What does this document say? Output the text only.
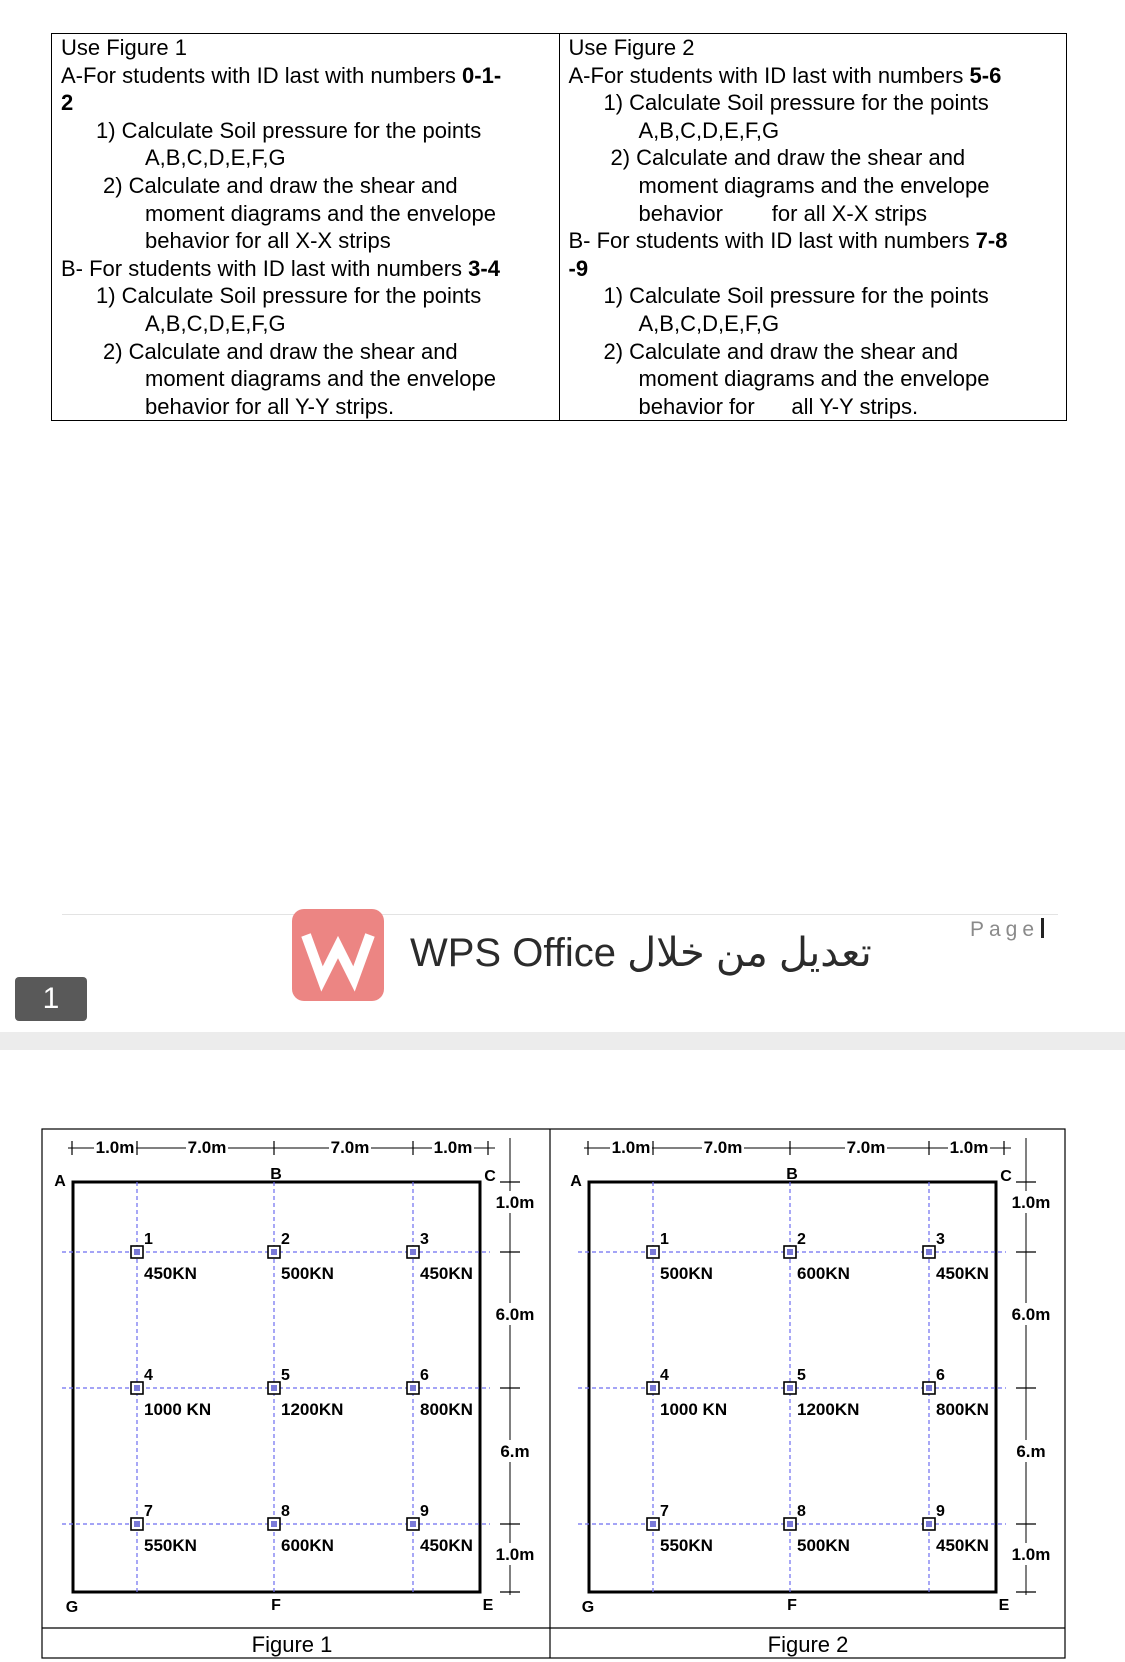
Use Figure 1
A-For students with ID last with numbers 0-1-
2
1) Calculate Soil pressure for the points
A,B,C,D,E,F,G
2) Calculate and draw the shear and
moment diagrams and the envelope
behavior for all X-X strips
B- For students with ID last with numbers 3-4
1) Calculate Soil pressure for the points
A,B,C,D,E,F,G
2) Calculate and draw the shear and
moment diagrams and the envelope
behavior for all Y-Y strips.

Use Figure 2
A-For students with ID last with numbers 5-6
1) Calculate Soil pressure for the points
A,B,C,D,E,F,G
2) Calculate and draw the shear and
moment diagrams and the envelope
behavior        for all X-X strips
B- For students with ID last with numbers 7-8
-9
1) Calculate Soil pressure for the points
A,B,C,D,E,F,G
2) Calculate and draw the shear and
moment diagrams and the envelope
behavior for      all Y-Y strips.
WPS Office تعديل من خلال
Page
1
1.0m	7.0m	7.0m	1.0m
1.0m
6.0m
6.m
1.0m
A	B	C
G	F	E
1
450KN
2
500KN
3
450KN
4
1000 KN
5
1200KN
6
800KN
7
550KN
8
600KN
9
450KN
Figure 1
1.0m	7.0m	7.0m	1.0m
1.0m
6.0m
6.m
1.0m
A	B	C
G	F	E
1
500KN
2
600KN
3
450KN
4
1000 KN
5
1200KN
6
800KN
7
550KN
8
500KN
9
450KN
Figure 2
